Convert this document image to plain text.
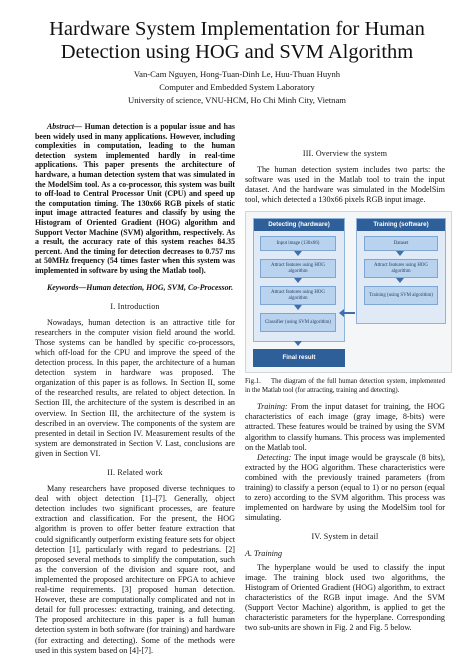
Hardware System Implementation for Human
Detection using HOG and SVM Algorithm
Van-Cam Nguyen, Hong-Tuan-Dinh Le, Huu-Thuan Huynh
Computer and Embedded System Laboratory
University of science, VNU-HCM, Ho Chi Minh City, Vietnam

Abstract— Human detection is a popular issue and has been widely used in many applications. However, including complexities in computation, leading to the human detection system implemented hardly in real-time applications. This paper presents the architecture of hardware, a human detection system that was simulated in the ModelSim tool. As a co-processor, this system was built to off-load to Central Processor Unit (CPU) and speed up the computation timing. The 130x66 RGB pixels of static input image attracted features and classify by using the Histogram of Oriented Gradient (HOG) algorithm and Support Vector Machine (SVM) algorithm, respectively. As a result, the accuracy rate of this system reaches 84.35 percent. And the timing for detection decreases to 0.757 ms at 50MHz frequency (54 times faster when this system was implemented in software by using the Matlab tool).

Keywords—Human detection, HOG, SVM, Co-Processor.

I. Introduction

Nowadays, human detection is an attractive title for researchers in the computer vision field around the world. Those systems can be handled by specific co-processors, which off-load for the CPU and improve the speed of the detection process. In this paper, the architecture of a human detection system in hardware was proposed. The organization of this paper is as follows. In Section II, some of the researched results, are related to object detection. In Section III, the architecture of the system is described in an overview. In Section III, the architecture of the system is described in an overview. The components of the system are presented in detail in Section IV. Measurement results of the system are demonstrated in Section V. Last, conclusions are given in Section VI.

II. Related work

Many researchers have proposed diverse techniques to deal with object detection [1]–[7]. Generally, object detection includes two significant processes, are feature extraction and classification. For the present, the HOG algorithm is proven to offer better feature extraction that could significantly outperform existing feature sets for object detection [1], particularly with regard to pedestrians. [2] proposed several methods to simplify the computation, such as the conversion of the division and square root, and implemented the proposed architecture on FPGA to achieve real-time requirements. [3] proposed human detection. However, these are computationally complicated and not in detail for full processes: extracting, training, and detecting. The proposed architecture in this paper is a full human detection system in both software (for training) and hardware (for extracting and detecting). Some of the methods were used in this system based on [4]-[7].

III. Overview the system

The human detection system includes two parts: the software was used in the Matlab tool to train the input dataset. And the hardware was simulated in the ModelSim tool, which detected a 130x66 pixels RGB input image.

Detecting (hardware)	Training (software)
Input image (130x66)
Attract features using HOG algorithm
Attract features using HOG algorithm
Classifier (using SVM algorithm)
Dataset
Attract features using HOG algorithm
Training (using SVM algorithm)
Final result

Fig.1. The diagram of the full human detection system, implemented in the Matlab tool (for attracting, training and detecting).

Training: From the input dataset for training, the HOG characteristics of each image (gray image, 8-bits) were attracted. These features would be trained by using the SVM algorithm to classify humans. This process was implemented on the Matlab tool.

Detecting: The input image would be grayscale (8 bits), extracted by the HOG algorithm. These characteristics were combined with the previously trained parameters (from training) to classify a person (equal to 1) or no person (equal to zero) according to the SVM algorithm. This process was implemented on hardware by using the ModelSim tool for simulating.

IV. System in detail
A. Training

The hyperplane would be used to classify the input image. The training block used two algorithms, the Histogram of Oriented Gradient (HOG) algorithm, to extract characteristics of the RGB input image. And the SVM (Support Vector Machine) algorithm, is applied to get the characteristic parameters for the hyperplane. Corresponding two sub-units are shown in Fig. 2 and Fig. 5 below.
